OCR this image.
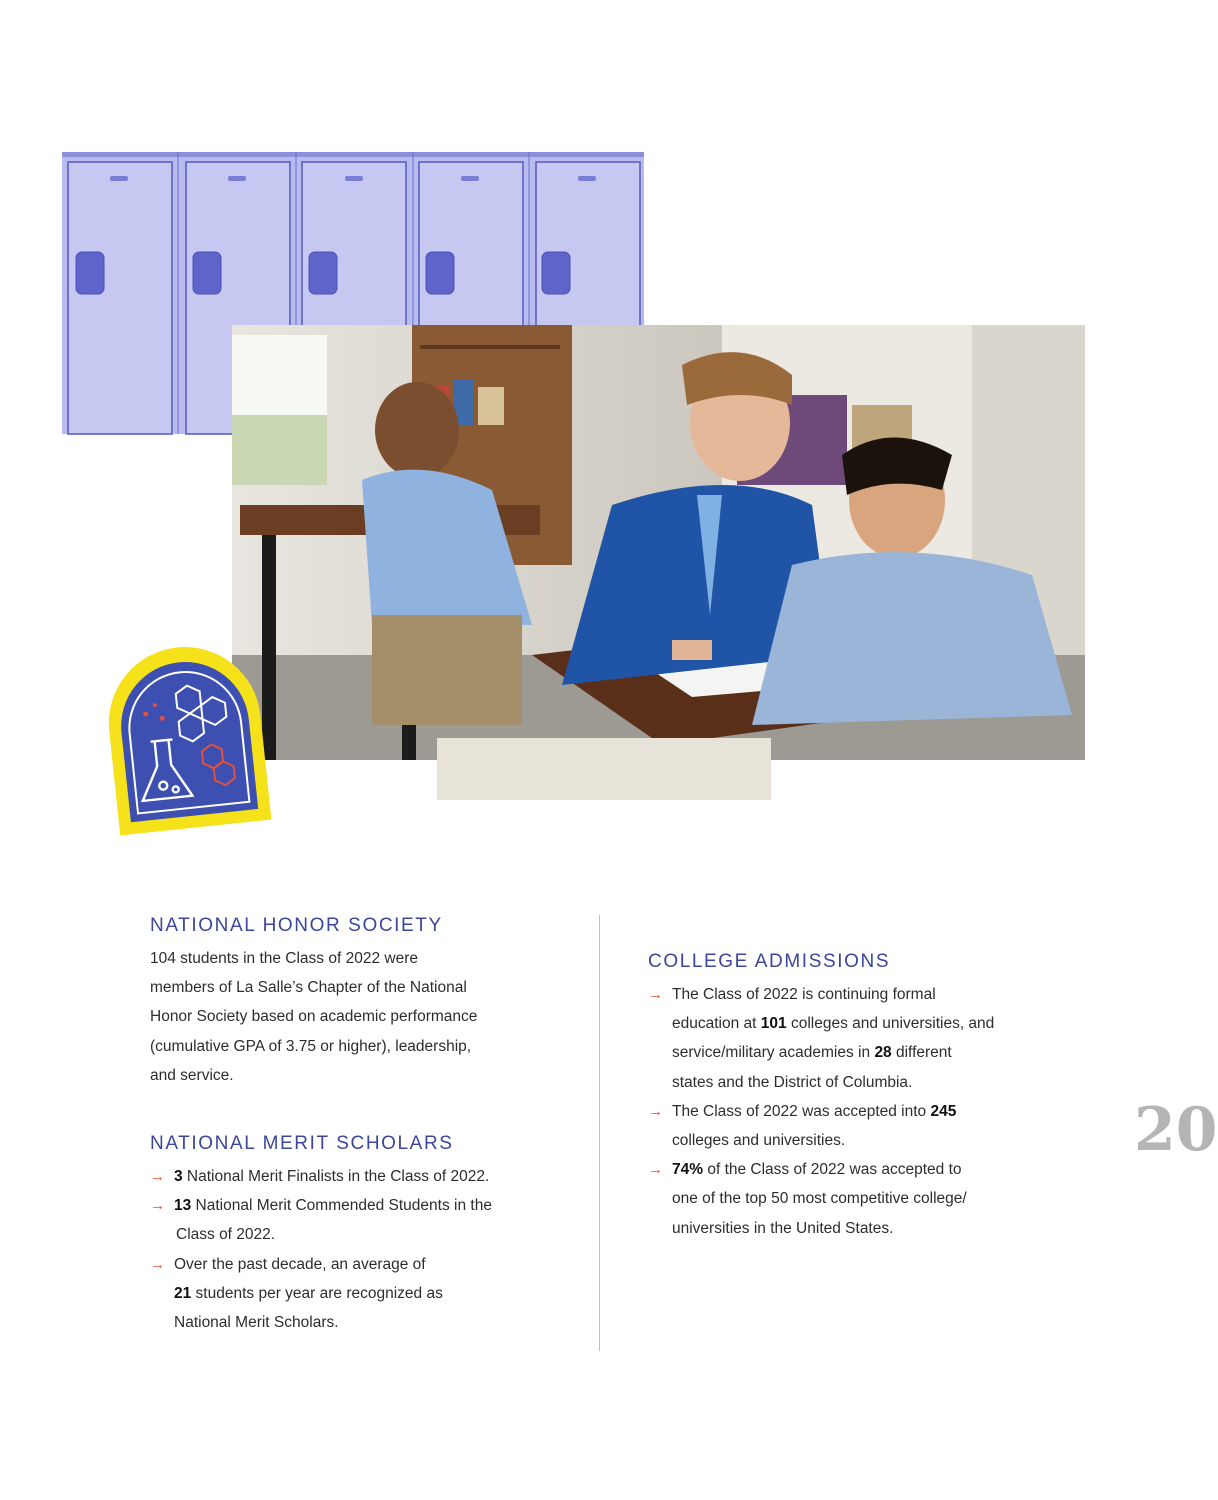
NATIONAL HONOR SOCIETY

104 students in the Class of 2022 were
members of La Salle’s Chapter of the National
Honor Society based on academic performance
(cumulative GPA of 3.75 or higher), leadership,
and service.

NATIONAL MERIT SCHOLARS
→ 3 National Merit Finalists in the Class of 2022.
→ 13 National Merit Commended Students in the
Class of 2022.
→ Over the past decade, an average of
21 students per year are recognized as
National Merit Scholars.
COLLEGE ADMISSIONS
→ The Class of 2022 is continuing formal
education at 101 colleges and universities, and
service/military academies in 28 different
states and the District of Columbia.
→ The Class of 2022 was accepted into 245
colleges and universities.
→ 74% of the Class of 2022 was accepted to
one of the top 50 most competitive college/
universities in the United States.
20
